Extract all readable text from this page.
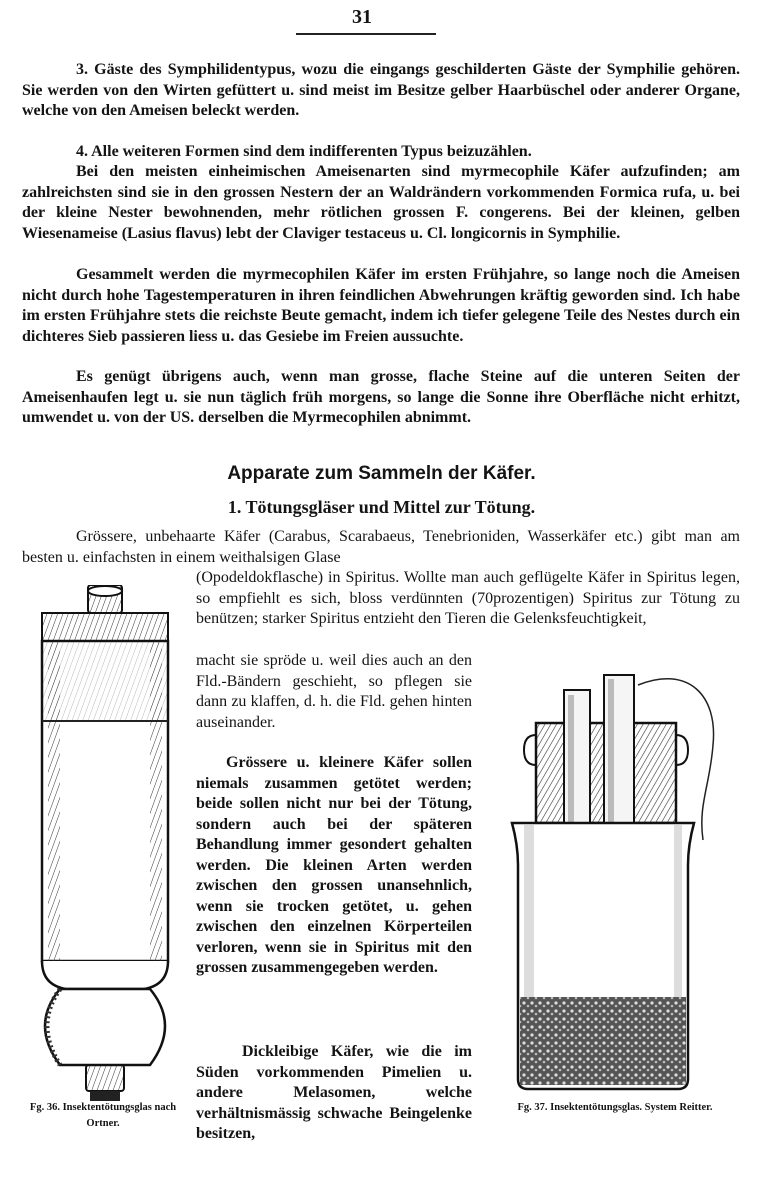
31

3. Gäste des Symphilidentypus, wozu die eingangs geschilderten Gäste der Symphilie gehören. Sie werden von den Wirten gefüttert u. sind meist im Besitze gelber Haarbüschel oder anderer Organe, welche von den Ameisen beleckt werden.

4. Alle weiteren Formen sind dem indifferenten Typus beizuzählen.

Bei den meisten einheimischen Ameisenarten sind myrmecophile Käfer aufzufinden; am zahlreichsten sind sie in den grossen Nestern der an Waldrändern vorkommenden Formica rufa, u. bei der kleine Nester bewohnenden, mehr rötlichen grossen F. congerens. Bei der kleinen, gelben Wiesenameise (Lasius flavus) lebt der Claviger testaceus u. Cl. longicornis in Symphilie.

Gesammelt werden die myrmecophilen Käfer im ersten Frühjahre, so lange noch die Ameisen nicht durch hohe Tagestemperaturen in ihren feindlichen Abwehrungen kräftig geworden sind. Ich habe im ersten Frühjahre stets die reichste Beute gemacht, indem ich tiefer gelegene Teile des Nestes durch ein dichteres Sieb passieren liess u. das Gesiebe im Freien aussuchte.

Es genügt übrigens auch, wenn man grosse, flache Steine auf die unteren Seiten der Ameisenhaufen legt u. sie nun täglich früh morgens, so lange die Sonne ihre Oberfläche nicht erhitzt, umwendet u. von der US. derselben die Myrmecophilen abnimmt.

Apparate zum Sammeln der Käfer.
1. Tötungsgläser und Mittel zur Tötung.

Grössere, unbehaarte Käfer (Carabus, Scarabaeus, Tenebrioniden, Wasserkäfer etc.) gibt man am besten u. einfachsten in einem weithalsigen Glase

(Opodeldokflasche) in Spiritus. Wollte man auch geflügelte Käfer in Spiritus legen, so empfiehlt es sich, bloss verdünnten (70prozentigen) Spiritus zur Tötung zu benützen; starker Spiritus entzieht den Tieren die Gelenksfeuchtigkeit,

macht sie spröde u. weil dies auch an den Fld.-Bändern geschieht, so pflegen sie dann zu klaffen, d. h. die Fld. gehen hinten auseinander.

Grössere u. kleinere Käfer sollen niemals zusammen getötet werden; beide sollen nicht nur bei der Tötung, sondern auch bei der späteren Behandlung immer gesondert gehalten werden. Die kleinen Arten werden zwischen den grossen unansehnlich, wenn sie trocken getötet, u. gehen zwischen den einzelnen Körperteilen verloren, wenn sie in Spiritus mit den grossen zusammengegeben werden.

Dickleibige Käfer, wie die im Süden vorkommenden Pimelien u. andere Melasomen, welche verhältnismässig schwache Beingelenke besitzen,

Fg. 36. Insektentötungsglas nach Ortner.
Fg. 37. Insektentötungsglas. System Reitter.
